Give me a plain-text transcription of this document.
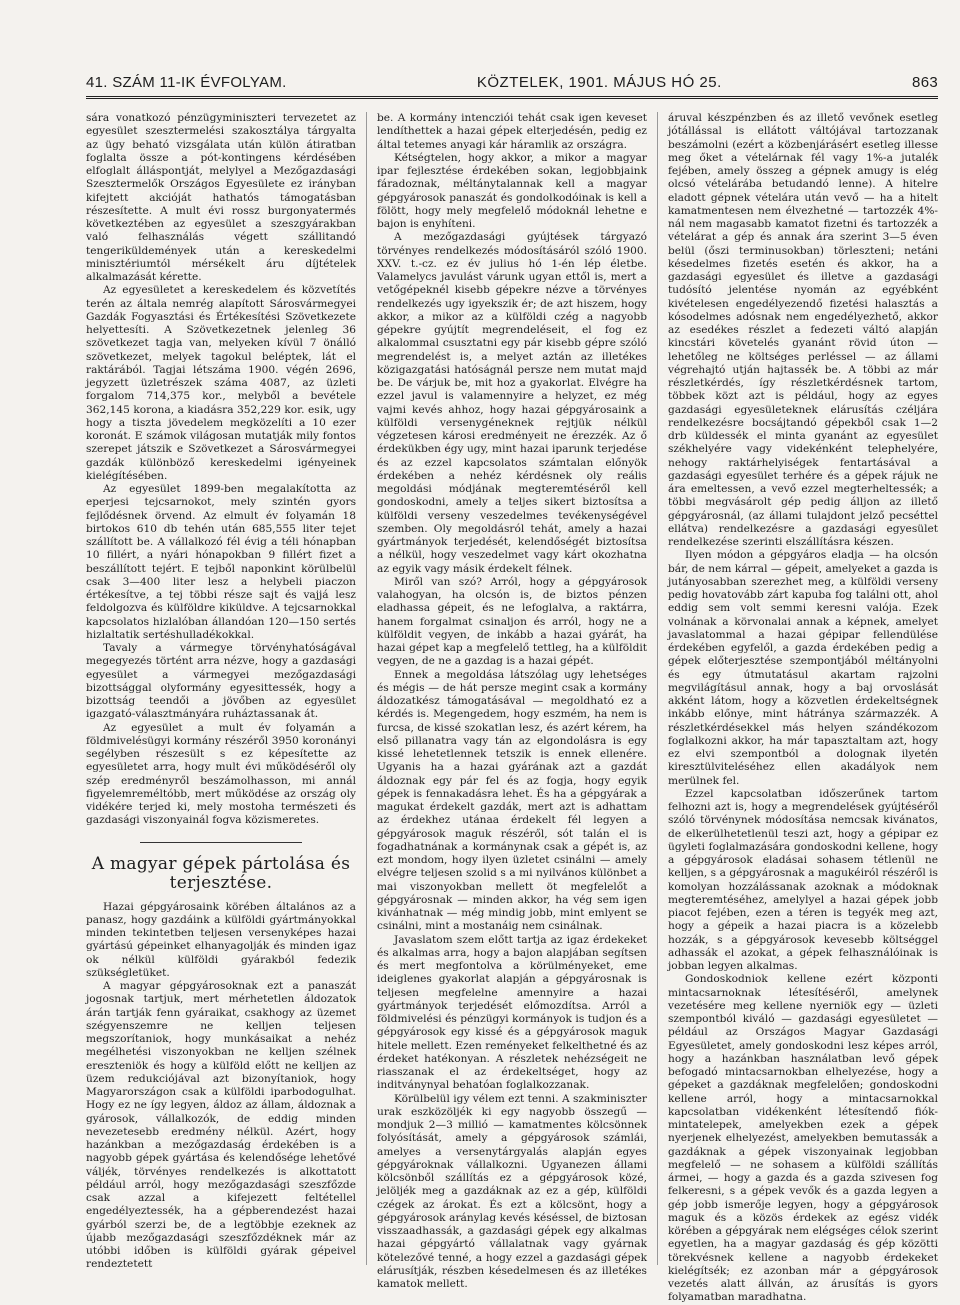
41. SZÁM 11-IK ÉVFOLYAM.	KÖZTELEK, 1901. MÁJUS HÓ 25.	863

sára vonatkozó pénzügyminiszteri tervezetet az egyesület szesztermelési szakosztálya tárgyalta az ügy beható vizsgálata után külön átiratban foglalta össze a pót-kontingens kérdésében elfoglalt álláspontját, melylyel a Mezőgazdasági Szesztermelők Országos Egyesülete ez irányban kifejtett akcióját hathatós támogatásban részesítette. A mult évi rossz burgonyatermés következtében az egyesület a szeszgyárakban való felhasználás végett szállitandó tengeriküldemények után a kereskedelmi minisztériumtól mérsékelt áru díjtételek alkalmazását kérette.

Az egyesületet a kereskedelem és közvetítés terén az általa nemrég alapított Sárosvármegyei Gazdák Fogyasztási és Értékesítési Szövetkezete helyettesíti. A Szövetkezetnek jelenleg 36 szövetkezet tagja van, melyeken kívül 7 önálló szövetkezet, melyek tagokul beléptek, lát el raktárából. Tagjai létszáma 1900. végén 2696, jegyzett üzletrészek száma 4087, az üzleti forgalom 714,375 kor., melyből a bevétele 362,145 korona, a kiadásra 352,229 kor. esik, ugy hogy a tiszta jövedelem megközelíti a 10 ezer koronát. E számok világosan mutatják mily fontos szerepet játszik e Szövetkezet a Sárosvármegyei gazdák különböző kereskedelmi igényeinek kielégítésében.

Az egyesület 1899-ben megalakította az eperjesi tejcsarnokot, mely szintén gyors fejlődésnek örvend. Az elmult év folyamán 18 birtokos 610 db tehén után 685,555 liter tejet szállított be. A vállalkozó fél évig a téli hónapban 10 fillért, a nyári hónapokban 9 fillért fizet a beszállított tejért. E tejből naponkint körülbelül csak 3—400 liter lesz a helybeli piaczon értékesítve, a tej többi része sajt és vajjá lesz feldolgozva és külföldre kiküldve. A tejcsarnokkal kapcsolatos hizlalóban állandóan 120—150 sertés hizlaltatik sertéshulladékokkal.

Tavaly a vármegye törvényhatóságával megegyezés történt arra nézve, hogy a gazdasági egyesület a vármegyei mezőgazdasági bizottsággal olyformány egyesittessék, hogy a bizottság teendői a jövőben az egyesület igazgató-választmányára ruháztassanak át.

Az egyesület a mult év folyamán a földmivelésügyi kormány részéről 3950 koronányi segélyben részesült s ez képesítette az egyesületet arra, hogy mult évi működéséről oly szép eredményről beszámolhasson, mi annál figyelemreméltóbb, mert működése az ország oly vidékére terjed ki, mely mostoha természeti és gazdasági viszonyainál fogva közismeretes.

A magyar gépek pártolása és terjesztése.

Hazai gépgyárosaink körében általános az a panasz, hogy gazdáink a külföldi gyártmányokkal minden tekintetben teljesen versenyképes hazai gyártású gépeinket elhanyagolják és minden igaz ok nélkül külföldi gyárakból fedezik szükségletüket.

A magyar gépgyárosoknak ezt a panaszát jogosnak tartjuk, mert mérhetetlen áldozatok árán tartják fenn gyáraikat, csakhogy az üzemet szégyenszemre ne kelljen teljesen megszorítaniok, hogy munkásaikat a nehéz megélhetési viszonyokban ne kelljen szélnek ereszteniök és hogy a külföld előtt ne kelljen az üzem redukciójával azt bizonyítaniok, hogy Magyarországon csak a külföldi iparbodogulhat. Hogy ez ne így legyen, áldoz az állam, áldoznak a gyárosok, vállalkozók, de eddig minden nevezetesebb eredmény nélkül. Azért, hogy hazánkban a mezőgazdaság érdekében is a nagyobb gépek gyártása és kelendősége lehetővé váljék, törvényes rendelkezés is alkottatott például arról, hogy mezőgazdasági szeszfőzde csak azzal a kifejezett feltétellel engedélyeztessék, ha a gépberendezést hazai gyárból szerzi be, de a legtöbbje ezeknek az újabb mezőgazdasági szeszfőzdéknek már az utóbbi időben is külföldi gyárak gépeivel rendeztetett

be. A kormány intencziói tehát csak igen keveset lendíthettek a hazai gépek elterjedésén, pedig ez által tetemes anyagi kár háramlik az országra.

Kétségtelen, hogy akkor, a mikor a magyar ipar fejlesztése érdekében sokan, legjobbjaink fáradoznak, méltánytalannak kell a magyar gépgyárosok panaszát és gondolkodóinak is kell a fölött, hogy mely megfelelő módoknál lehetne e bajon is enyhíteni.

A mezőgazdasági gyújtések tárgyazó törvényes rendelkezés módosításáról szóló 1900. XXV. t.-cz. ez év julius hó 1-én lép életbe. Valamelycs javulást várunk ugyan ettől is, mert a vetőgépeknél kisebb gépekre nézve a törvényes rendelkezés ugy igyekszik ér; de azt hiszem, hogy akkor, a mikor az a külföldi czég a nagyobb gépekre gyújtít megrendeléseit, el fog ez alkalommal csusztatni egy pár kisebb gépre szóló megrendelést is, a melyet aztán az illetékes közigazgatási hatóságnál persze nem mutat majd be. De várjuk be, mit hoz a gyakorlat. Elvégre ha ezzel javul is valamennyire a helyzet, ez még vajmi kevés ahhoz, hogy hazai gépgyárosaink a külföldi versenygéneknek rejtjük nélkül végzetesen károsi eredményeit ne érezzék. Az ő érdekükben égy ugy, mint hazai iparunk terjedése és az ezzel kapcsolatos számtalan előnyök érdekében a nehéz kérdésnek oly reális megoldási módjának megteremtéséről kell gondoskodni, amely a teljes sikert biztosítsa a külföldi verseny veszedelmes tevékenységével szemben. Oly megoldásról tehát, amely a hazai gyártmányok terjedését, kelendőségét biztosítsa a nélkül, hogy veszedelmet vagy kárt okozhatna az egyik vagy másik érdekelt félnek.

Miről van szó? Arról, hogy a gépgyárosok valahogyan, ha olcsón is, de biztos pénzen eladhassa gépeit, és ne lefoglalva, a raktárra, hanem forgalmat csinaljon és arról, hogy ne a külföldit vegyen, de inkább a hazai gyárát, ha hazai gépet kap a megfelelő tettleg, ha a külföldit vegyen, de ne a gazdag is a hazai gépét.

Ennek a megoldása látszólag ugy lehetséges és mégis — de hát persze megint csak a kormány áldozatkész támogatásával — megoldható ez a kérdés is. Megengedem, hogy eszmém, ha nem is furcsa, de kissé szokatlan lesz, és azért kérem, ha első pillanatra vagy tán az elgondolásra is egy kissé lehetetlennek tetszik is ennek ellenére. Ugyanis ha a hazai gyárának azt a gazdát áldoznak egy pár fel és az fogja, hogy egyik gépek is fennakadásra lehet. És ha a gépgyárak a magukat érdekelt gazdák, mert azt is adhattam az érdekhez utánaa érdekelt fél legyen a gépgyárosok maguk részéről, sót talán el is fogadhatnának a kormánynak csak a gépét is, az ezt mondom, hogy ilyen üzletet csinálni — amely elvégre teljesen szolid s a mi nyilvános különbet a mai viszonyokban mellett öt megfelelőt a gépgyárosnak — minden akkor, ha vég sem igen kivánhatnak — még mindig jobb, mint emlyent se csinálni, mint a mostanáig nem csinálnak.

Javaslatom szem előtt tartja az igaz érdekeket és alkalmas arra, hogy a bajon alapjában segítsen és mert megfontolva a körülményeket, eme ideiglenes gyakorlat alapján a gépgyárosnak is teljesen megfelelne amennyire a hazai gyártmányok terjedését előmozdítsa. Arról a földmivelési és pénzügyi kormányok is tudjon és a gépgyárosok egy kissé és a gépgyárosok maguk hitele mellett. Ezen reményeket felkelthetné és az érdeket hatékonyan. A részletek nehézségeit ne riasszanak el az érdekeltséget, hogy az inditványnyal behatóan foglalkozzanak.

Körülbelül igy vélem ezt tenni. A szakminiszter urak eszközöljék ki egy nagyobb összegű — mondjuk 2—3 millió — kamatmentes kölcsönnek folyósítását, amely a gépgyárosok számlái, amelyes a versenytárgyalás alapján egyes gépgyároknak vállalkozni. Ugyanezen állami kölcsönből szállítás ez a gépgyárosok közé, jelöljék meg a gazdáknak az ez a gép, külföldi czégek az árokat. És ezt a kölcsönt, hogy a gépgyárosok aránylag kevés késéssel, de biztosan visszaadhassák, a gazdasági gépek egy alkalmas hazai gépgyártó vállalatnak vagy gyárnak kötelezővé tenné, a hogy ezzel a gazdasági gépek elárusítják, részben késedelmesen és az illetékes kamatok mellett.

áruval készpénzben és az illető vevőnek esetleg jótállással is ellátott váltójával tartozzanak beszámolni (ezért a közbenjárásért esetleg illesse meg őket a vételárnak fél vagy 1%-a jutalék fejében, amely összeg a gépnek amugy is elég olcsó vételárába betudandó lenne). A hitelre eladott gépnek vételára után vevő — ha a hitelt kamatmentesen nem élvezhetné — tartozzék 4%-nál nem magasabb kamatot fizetni és tartozzék a vételárat a gép és annak ára szerint 3—5 éven belül (őszi terminusokban) törleszteni; netáni késedelmes fizetés esetén és akkor, ha a gazdasági egyesület és illetve a gazdasági tudósító jelentése nyomán az egyébként kivételesen engedélyezendő fizetési halasztás a kósodelmes adósnak nem engedélyezhető, akkor az esedékes részlet a fedezeti váltó alapján kincstári követelés gyanánt rövid úton — lehetőleg ne költséges perléssel — az állami végrehajtó utján hajtassék be. A többi az már részletkérdés, így részletkérdésnek tartom, többek közt azt is például, hogy az egyes gazdasági egyesületeknek elárusítás czéljára rendelkezésre bocsájtandó gépekből csak 1—2 drb küldessék el minta gyanánt az egyesület székhelyére vagy videkénként telephelyére, nehogy raktárhelyiségek fentartásával a gazdasági egyesület terhére és a gépek rájuk ne ára emeltessen, a vevő ezzel megterheltessék; a többi megvásárolt gép pedig álljon az illető gépgyárosnál, (az állami tulajdont jelző pecséttel ellátva) rendelkezésre a gazdasági egyesület rendelkezése szerinti elszállításra készen.

Ilyen módon a gépgyáros eladja — ha olcsón bár, de nem kárral — gépeit, amelyeket a gazda is jutányosabban szerezhet meg, a külföldi verseny pedig hovatovább zárt kapuba fog találni ott, ahol eddig sem volt semmi keresni valója. Ezek volnának a körvonalai annak a képnek, amelyet javaslatommal a hazai gépipar fellendülése érdekében egyfelől, a gazda érdekében pedig a gépek előterjesztése szempontjából méltányolni és egy útmutatásul akartam rajzolni megvilágításul annak, hogy a baj orvoslását akként látom, hogy a közvetlen érdekeltségnek inkább előnye, mint hátránya származzék. A részletkérdésekkel más helyen szándékozom foglalkozni akkor, ha már tapasztaltam azt, hogy ez elvi szempontból a dolognak ilyetén kiresztülviteléséhez ellen akadályok nem merülnek fel.

Ezzel kapcsolatban időszerűnek tartom felhozni azt is, hogy a megrendelések gyújtéséről szóló törvénynek módosítása nemcsak kivánatos, de elkerülhetetlenül teszi azt, hogy a gépipar ez ügyleti foglalmazására gondoskodni kellene, hogy a gépgyárosok eladásai sohasem tétlenül ne kelljen, s a gépgyárosnak a magukéiról részéről is komolyan hozzálássanak azoknak a módoknak megteremtéséhez, amelylyel a hazai gépek jobb piacot fejében, ezen a téren is tegyék meg azt, hogy a gépeik a hazai piacra is a közelebb hozzák, s a gépgyárosok kevesebb költséggel adhassák el azokat, a gépek felhasználóinak is jobban legyen alkalmas.

Gondoskodniok kellene ezért központi mintacsarnoknak létesítéséről, amelynek vezetésére meg kellene nyerniök egy — üzleti szempontból kiváló — gazdasági egyesületet — például az Országos Magyar Gazdasági Egyesületet, amely gondoskodni lesz képes arról, hogy a hazánkban használatban levő gépek befogadó mintacsarnokban elhelyezése, hogy a gépeket a gazdáknak megfelelően; gondoskodni kellene arról, hogy a mintacsarnokkal kapcsolatban vidékenként létesítendő fiók-mintatelepek, amelyekben ezek a gépek nyerjenek elhelyezést, amelyekben bemutassák a gazdáknak a gépek viszonyainak legjobban megfelelő — ne sohasem a külföldi szállítás ármei, — hogy a gazda és a gazda szivesen fog felkeresni, s a gépek vevők és a gazda legyen a gép jobb ismerője legyen, hogy a gépgyárosok maguk és a közös érdekek az egész vidék körében a gépgyárak nem elégséges célok szerint egyetlen, ha a magyar gazdaság és gép közötti törekvésnek kellene a nagyobb érdekeket kielégítsék; ez azonban már a gépgyárosok vezetés alatt állván, az árusítás is gyors folyamatban maradhatna.
